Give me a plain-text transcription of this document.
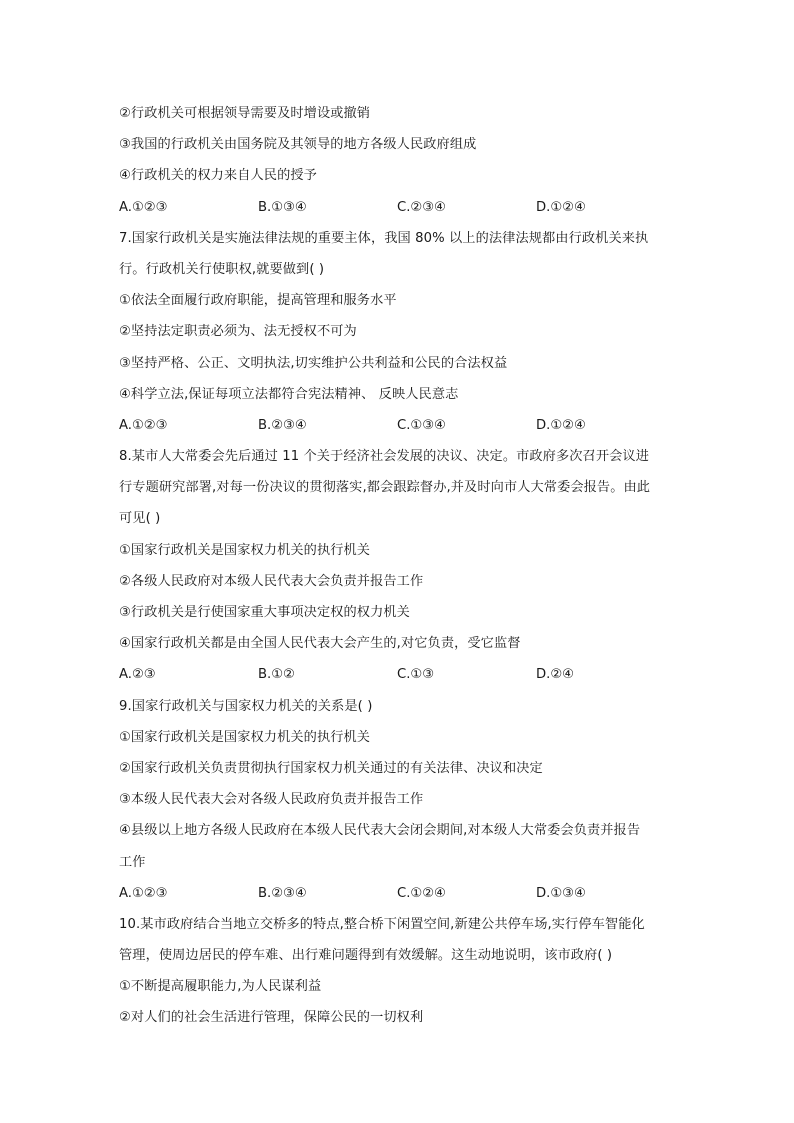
②行政机关可根据领导需要及时增设或撤销
③我国的行政机关由国务院及其领导的地方各级人民政府组成
④行政机关的权力来自人民的授予
A.①②③	B.①③④	C.②③④	D.①②④
7.国家行政机关是实施法律法规的重要主体，我国 80% 以上的法律法规都由行政机关来执
行。行政机关行使职权,就要做到( )
①依法全面履行政府职能，提高管理和服务水平
②坚持法定职责必须为、法无授权不可为
③坚持严格、公正、文明执法,切实维护公共利益和公民的合法权益
④科学立法,保证每项立法都符合宪法精神、 反映人民意志
A.①②③	B.②③④	C.①③④	D.①②④
8.某市人大常委会先后通过 11 个关于经济社会发展的决议、决定。市政府多次召开会议进
行专题研究部署,对每一份决议的贯彻落实,都会跟踪督办,并及时向市人大常委会报告。由此
可见( )
①国家行政机关是国家权力机关的执行机关
②各级人民政府对本级人民代表大会负责并报告工作
③行政机关是行使国家重大事项决定权的权力机关
④国家行政机关都是由全国人民代表大会产生的,对它负责，受它监督
A.②③	B.①②	C.①③	D.②④
9.国家行政机关与国家权力机关的关系是( )
①国家行政机关是国家权力机关的执行机关
②国家行政机关负责贯彻执行国家权力机关通过的有关法律、决议和决定
③本级人民代表大会对各级人民政府负责并报告工作
④县级以上地方各级人民政府在本级人民代表大会闭会期间,对本级人大常委会负责并报告
工作
A.①②③	B.②③④	C.①②④	D.①③④
10.某市政府结合当地立交桥多的特点,整合桥下闲置空间,新建公共停车场,实行停车智能化
管理，使周边居民的停车难、出行难问题得到有效缓解。这生动地说明，该市政府( )
①不断提高履职能力,为人民谋利益
②对人们的社会生活进行管理，保障公民的一切权利
